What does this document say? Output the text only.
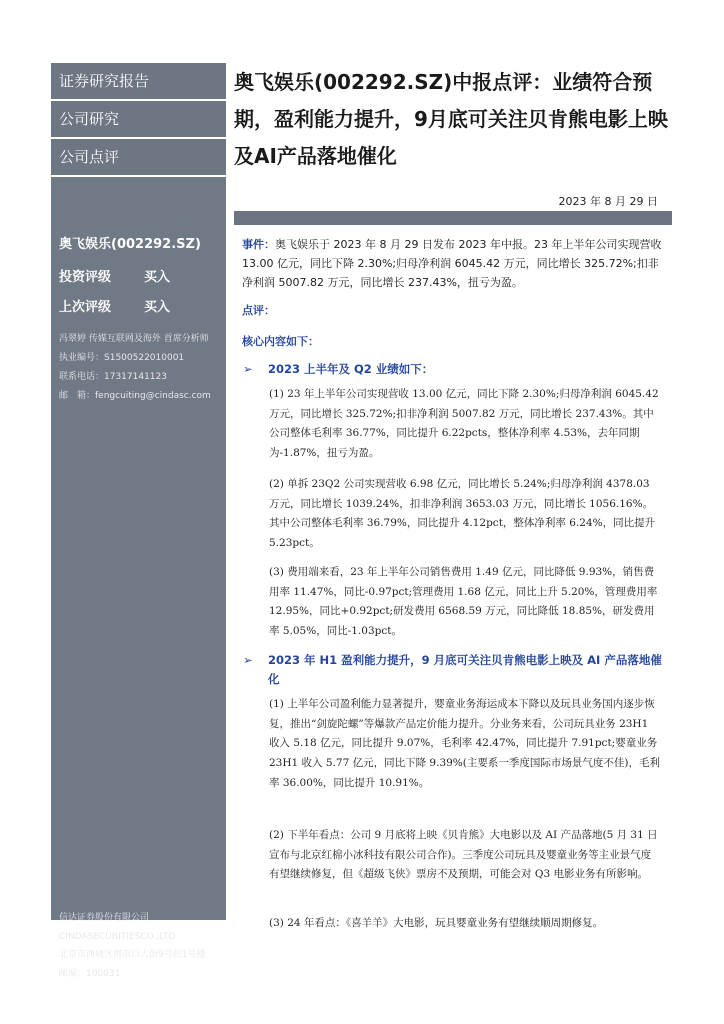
证券研究报告
公司研究
公司点评
奥飞娱乐(002292.SZ)
投资评级	买入
上次评级	买入
冯翠婷 传媒互联网及海外 首席分析师
执业编号：S1500522010001
联系电话：17317141123
邮　箱：fengcuiting@cindasc.com
信达证券股份有限公司
CINDASECURITIESCO.,LTD
北京市西城区闹市口大街9号院1号楼
邮编：100031
奥飞娱乐(002292.SZ)中报点评：业绩符合预期，盈利能力提升，9月底可关注贝肯熊电影上映及AI产品落地催化
2023 年 8 月 29 日
事件：奥飞娱乐于 2023 年 8 月 29 日发布 2023 年中报。23 年上半年公司实现营收 13.00 亿元，同比下降 2.30%;归母净利润 6045.42 万元，同比增长 325.72%;扣非净利润 5007.82 万元，同比增长 237.43%，扭亏为盈。
点评：
核心内容如下：
➢ 2023 上半年及 Q2 业绩如下：
(1) 23 年上半年公司实现营收 13.00 亿元，同比下降 2.30%;归母净利润 6045.42 万元，同比增长 325.72%;扣非净利润 5007.82 万元，同比增长 237.43%。其中公司整体毛利率 36.77%，同比提升 6.22pcts，整体净利率 4.53%，去年同期为-1.87%，扭亏为盈。
(2) 单拆 23Q2 公司实现营收 6.98 亿元，同比增长 5.24%;归母净利润 4378.03 万元，同比增长 1039.24%，扣非净利润 3653.03 万元，同比增长 1056.16%。其中公司整体毛利率 36.79%，同比提升 4.12pct，整体净利率 6.24%，同比提升 5.23pct。
(3) 费用端来看，23 年上半年公司销售费用 1.49 亿元，同比降低 9.93%，销售费用率 11.47%，同比-0.97pct;管理费用 1.68 亿元，同比上升 5.20%，管理费用率 12.95%，同比+0.92pct;研发费用 6568.59 万元，同比降低 18.85%，研发费用率 5.05%，同比-1.03pct。
➢ 2023 年 H1 盈利能力提升，9 月底可关注贝肯熊电影上映及 AI 产品落地催化
(1) 上半年公司盈利能力显著提升，婴童业务海运成本下降以及玩具业务国内逐步恢复，推出“剑旋陀螺”等爆款产品定价能力提升。分业务来看，公司玩具业务 23H1 收入 5.18 亿元，同比提升 9.07%，毛利率 42.47%，同比提升 7.91pct;婴童业务 23H1 收入 5.77 亿元，同比下降 9.39%(主要系一季度国际市场景气度不佳)，毛利率 36.00%，同比提升 10.91%。
(2) 下半年看点：公司 9 月底将上映《贝肯熊》大电影以及 AI 产品落地(5 月 31 日宣布与北京红棉小冰科技有限公司合作)。三季度公司玩具及婴童业务等主业景气度有望继续修复，但《超级飞侠》票房不及预期，可能会对 Q3 电影业务有所影响。
(3) 24 年看点：《喜羊羊》大电影，玩具婴童业务有望继续顺周期修复。
